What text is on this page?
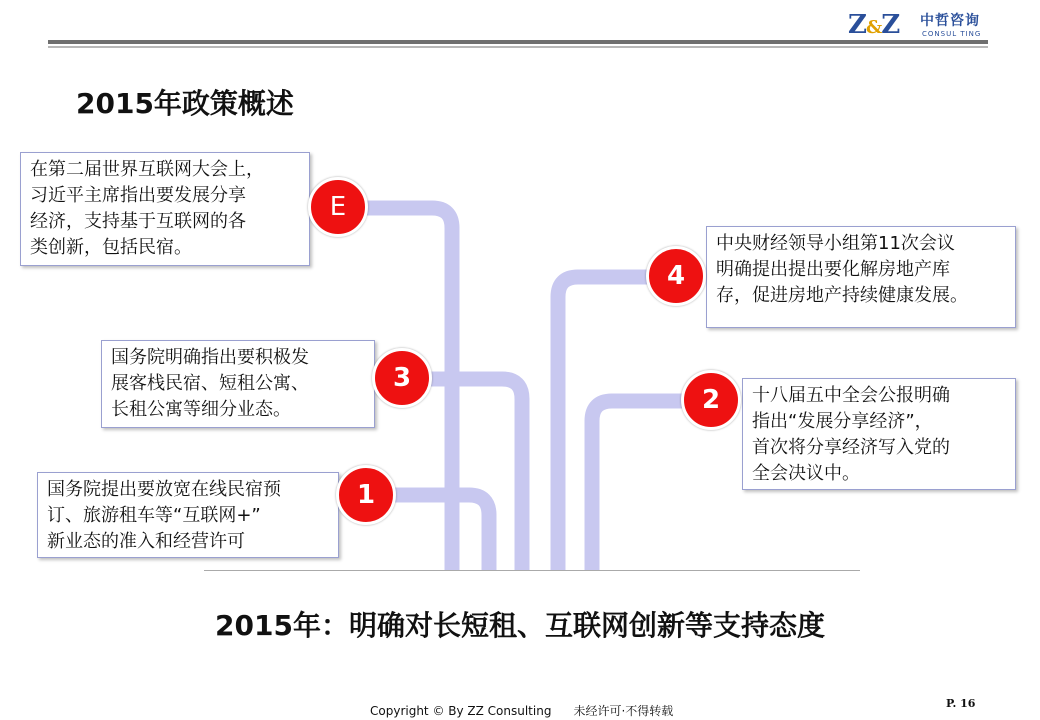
Z&Z 中哲咨询
CONSUL TING
2015年政策概述
在第二届世界互联网大会上，
习近平主席指出要发展分享
经济，支持基于互联网的各
类创新，包括民宿。
国务院明确指出要积极发
展客栈民宿、短租公寓、
长租公寓等细分业态。
国务院提出要放宽在线民宿预
订、旅游租车等“互联网+”
新业态的准入和经营许可
中央财经领导小组第11次会议
明确提出提出要化解房地产库
存，促进房地产持续健康发展。
十八届五中全会公报明确
指出“发展分享经济”，
首次将分享经济写入党的
全会决议中。
E
3
1
4
2
2015年：明确对长短租、互联网创新等支持态度
Copyright © By ZZ Consulting 未经许可·不得转载
P. 16
